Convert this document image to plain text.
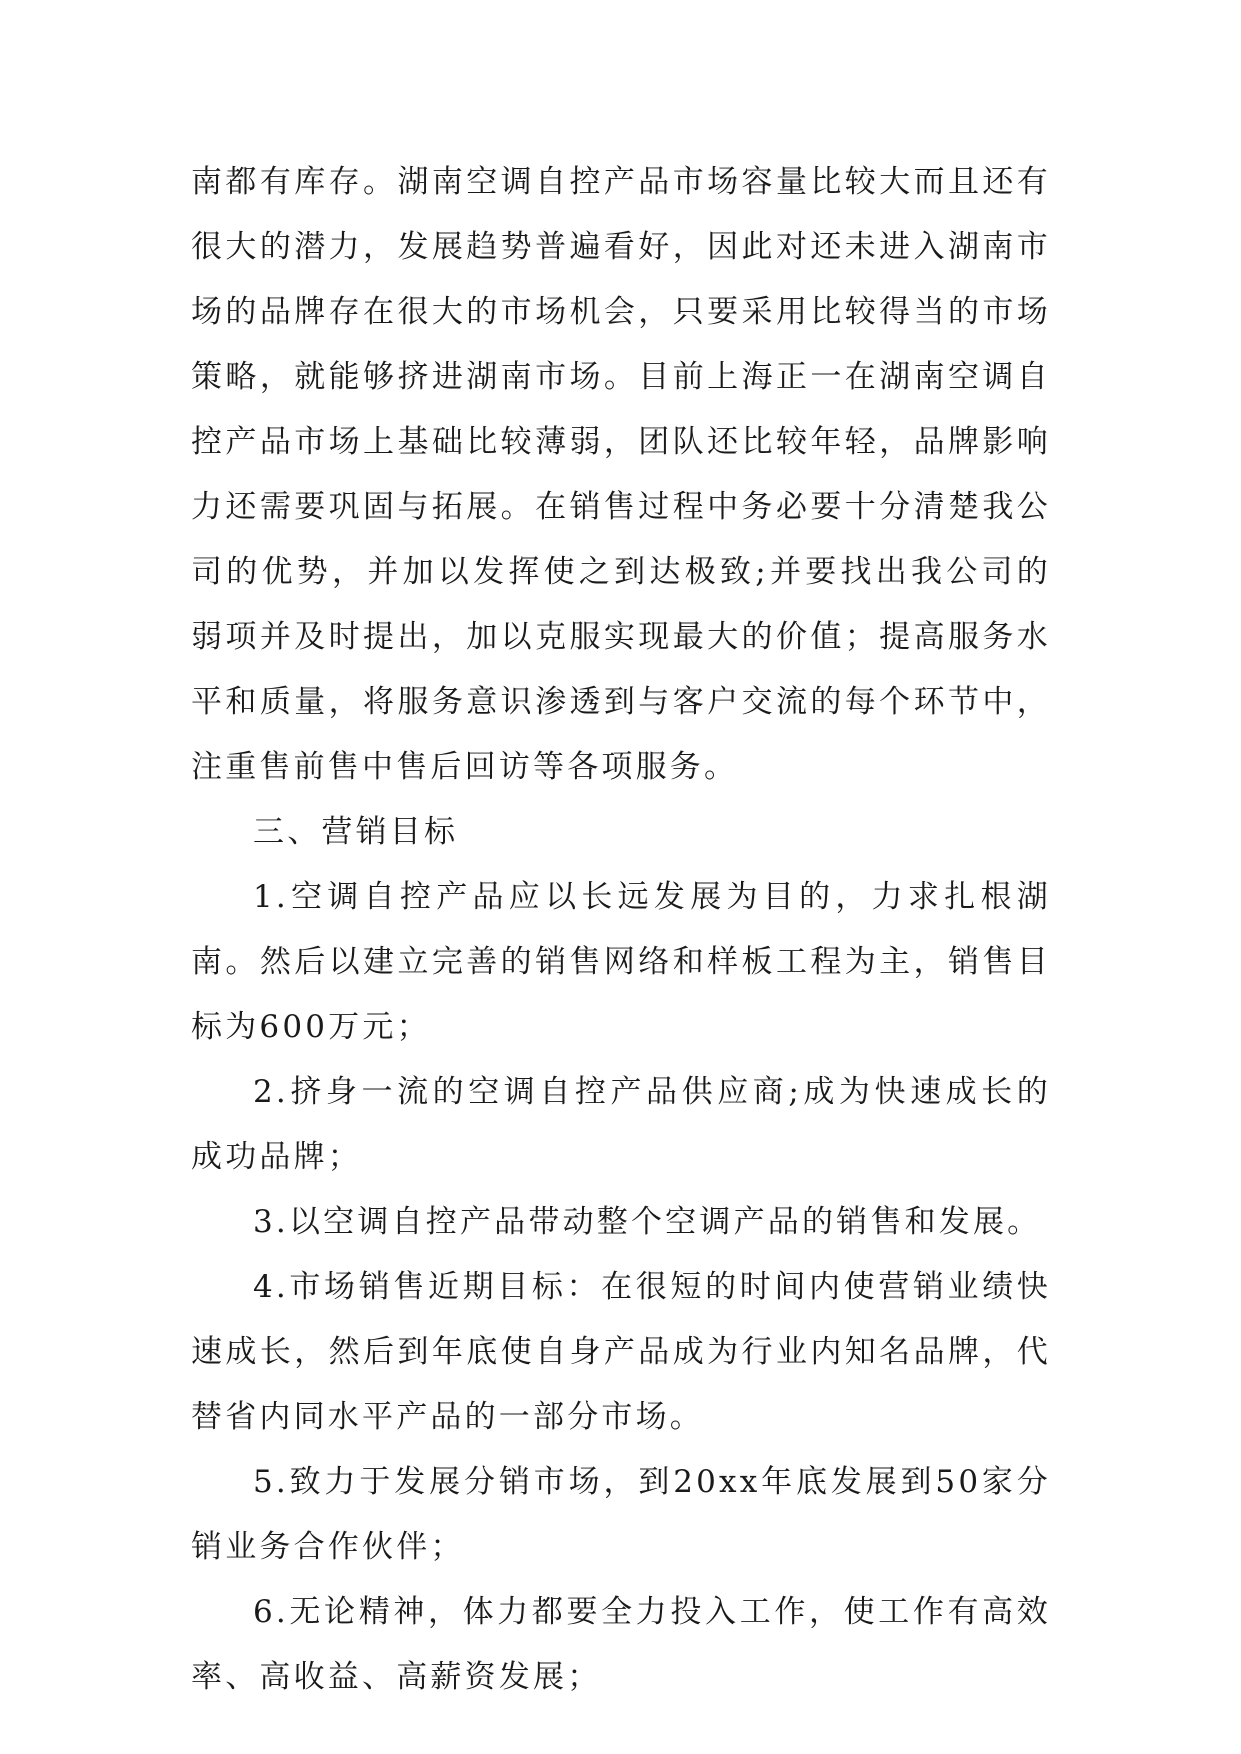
南都有库存。湖南空调自控产品市场容量比较大而且还有很大的潜力，发展趋势普遍看好，因此对还未进入湖南市场的品牌存在很大的市场机会，只要采用比较得当的市场策略，就能够挤进湖南市场。目前上海正一在湖南空调自控产品市场上基础比较薄弱，团队还比较年轻，品牌影响力还需要巩固与拓展。在销售过程中务必要十分清楚我公司的优势，并加以发挥使之到达极致;并要找出我公司的弱项并及时提出，加以克服实现最大的价值；提高服务水平和质量，将服务意识渗透到与客户交流的每个环节中，注重售前售中售后回访等各项服务。

三、营销目标

1.空调自控产品应以长远发展为目的，力求扎根湖南。然后以建立完善的销售网络和样板工程为主，销售目标为600万元；

2.挤身一流的空调自控产品供应商;成为快速成长的成功品牌；

3.以空调自控产品带动整个空调产品的销售和发展。

4.市场销售近期目标：在很短的时间内使营销业绩快速成长，然后到年底使自身产品成为行业内知名品牌，代替省内同水平产品的一部分市场。

5.致力于发展分销市场，到20xx年底发展到50家分销业务合作伙伴；

6.无论精神，体力都要全力投入工作，使工作有高效率、高收益、高薪资发展；
